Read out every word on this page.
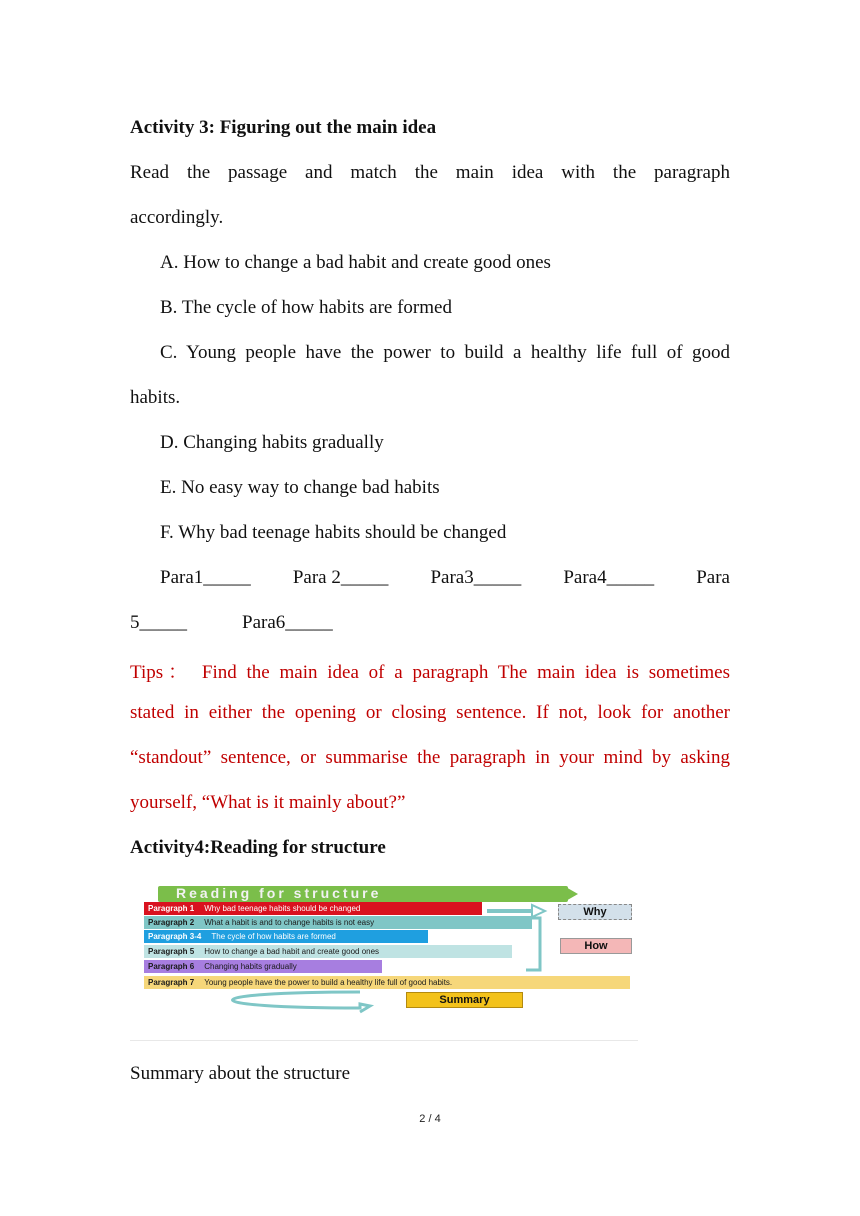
Activity 3: Figuring out the main idea
Read the passage and match the main idea with the paragraph
accordingly.
A. How to change a bad habit and create good ones
B. The cycle of how habits are formed
C. Young people have the power to build a healthy life full of good
habits.
D. Changing habits gradually
E. No easy way to change bad habits
F. Why bad teenage habits should be changed
Para1_____ Para 2_____ Para3_____ Para4_____ Para
5_____	Para6_____
Tips： Find the main idea of a paragraph The main idea is sometimes
stated in either the opening or closing sentence. If not, look for another
“standout” sentence, or summarise the paragraph in your mind by asking
yourself, “What is it mainly about?”
Activity4:Reading for structure
Reading for structure
Paragraph 1 Why bad teenage habits should be changed
Paragraph 2 What a habit is and to change habits is not easy
Paragraph 3-4 The cycle of how habits are formed
Paragraph 5 How to change a bad habit and create good ones
Paragraph 6 Changing habits gradually
Paragraph 7 Young people have the power to build a healthy life full of good habits.
Why
How
Summary
Summary about the structure
2 / 4
